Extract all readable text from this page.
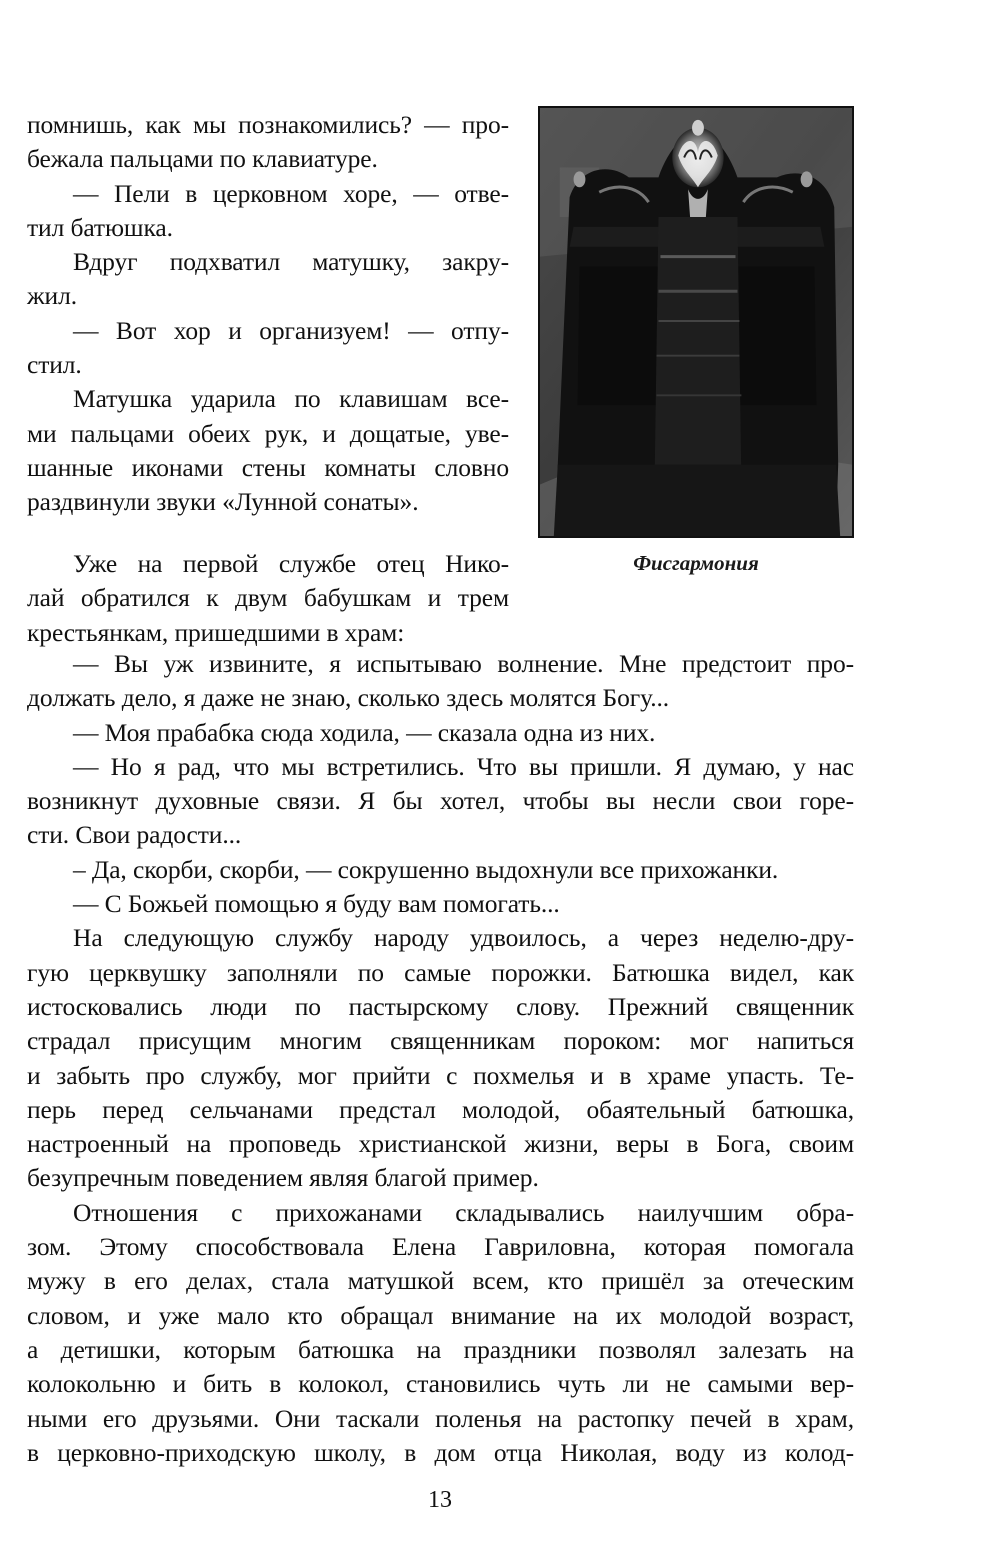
помнишь, как мы познакомились? — про-
бежала пальцами по клавиатуре.
— Пели в церковном хоре, — отве-
тил батюшка.
Вдруг подхватил матушку, закру-
жил.
— Вот хор и организуем! — отпу-
стил.
Матушка ударила по клавишам все-
ми пальцами обеих рук, и дощатые, уве-
шанные иконами стены комнаты словно
раздвинули звуки «Лунной сонаты».
Фисгармония
Уже на первой службе отец Нико-
лай обратился к двум бабушкам и трем
крестьянкам, пришедшими в храм:
— Вы уж извините, я испытываю волнение. Мне предстоит про-
должать дело, я даже не знаю, сколько здесь молятся Богу...
— Моя прабабка сюда ходила, — сказала одна из них.
— Но я рад, что мы встретились. Что вы пришли. Я думаю, у нас
возникнут духовные связи. Я бы хотел, чтобы вы несли свои горе-
сти. Свои радости...
– Да, скорби, скорби, — сокрушенно выдохнули все прихожанки.
— С Божьей помощью я буду вам помогать...
На следующую службу народу удвоилось, а через неделю-дру-
гую церквушку заполняли по самые порожки. Батюшка видел, как
истосковались люди по пастырскому слову. Прежний священник
страдал присущим многим священникам пороком: мог напиться
и забыть про службу, мог прийти с похмелья и в храме упасть. Те-
перь перед сельчанами предстал молодой, обаятельный батюшка,
настроенный на проповедь христианской жизни, веры в Бога, своим
безупречным поведением являя благой пример.
Отношения с прихожанами складывались наилучшим обра-
зом. Этому способствовала Елена Гавриловна, которая помогала
мужу в его делах, стала матушкой всем, кто пришёл за отеческим
словом, и уже мало кто обращал внимание на их молодой возраст,
а детишки, которым батюшка на праздники позволял залезать на
колокольню и бить в колокол, становились чуть ли не самыми вер-
ными его друзьями. Они таскали поленья на растопку печей в храм,
в церковно-приходскую школу, в дом отца Николая, воду из колод-
13
